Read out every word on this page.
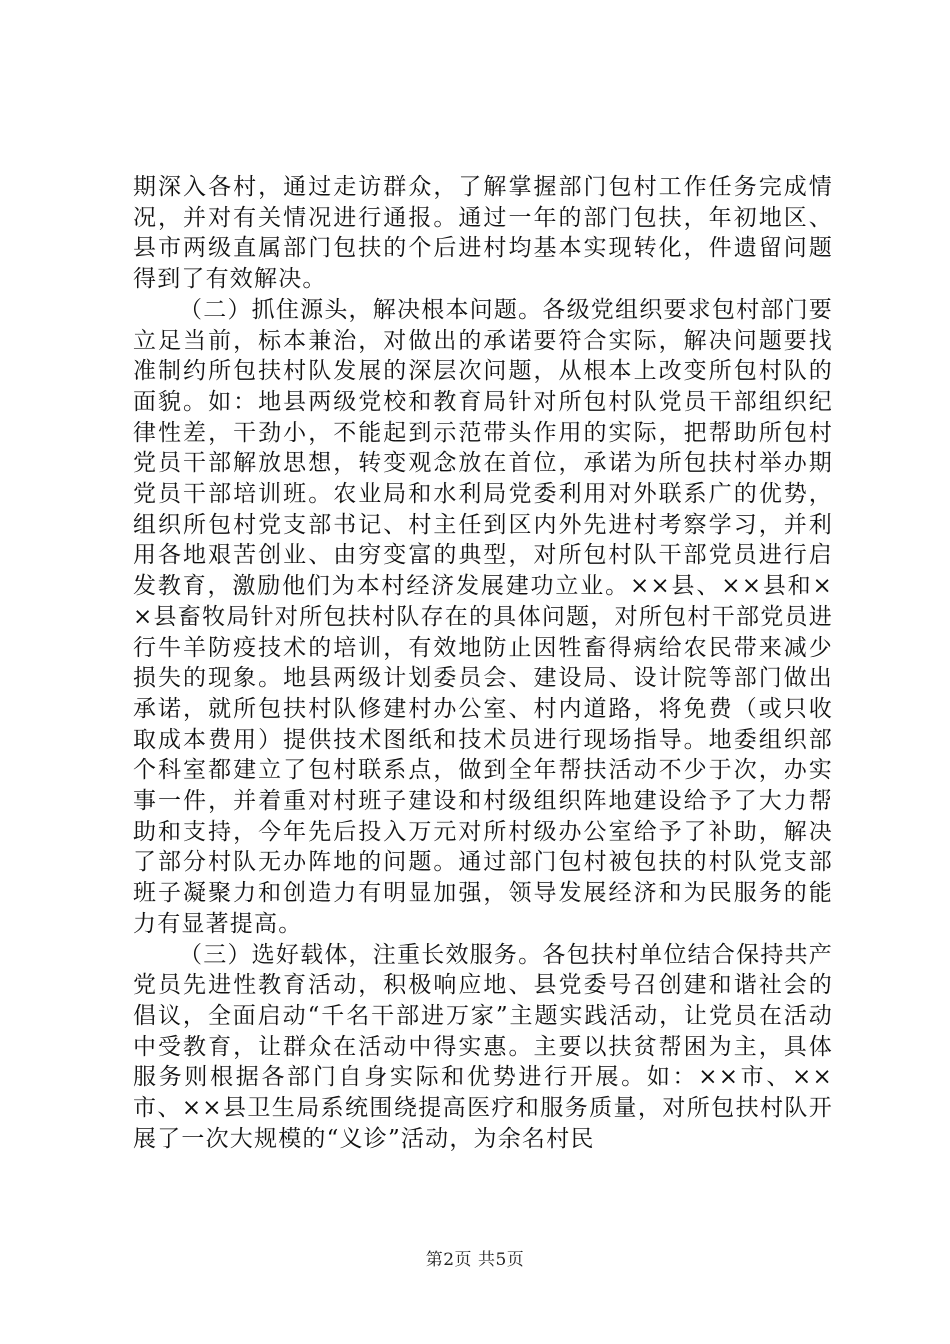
期深入各村，通过走访群众，了解掌握部门包村工作任务完成情况，并对有关情况进行通报。通过一年的部门包扶，年初地区、县市两级直属部门包扶的个后进村均基本实现转化，件遗留问题得到了有效解决。

（二）抓住源头，解决根本问题。各级党组织要求包村部门要立足当前，标本兼治，对做出的承诺要符合实际，解决问题要找准制约所包扶村队发展的深层次问题，从根本上改变所包村队的面貌。如：地县两级党校和教育局针对所包村队党员干部组织纪律性差，干劲小，不能起到示范带头作用的实际，把帮助所包村党员干部解放思想，转变观念放在首位，承诺为所包扶村举办期党员干部培训班。农业局和水利局党委利用对外联系广的优势，组织所包村党支部书记、村主任到区内外先进村考察学习，并利用各地艰苦创业、由穷变富的典型，对所包村队干部党员进行启发教育，激励他们为本村经济发展建功立业。××县、××县和××县畜牧局针对所包扶村队存在的具体问题，对所包村干部党员进行牛羊防疫技术的培训，有效地防止因牲畜得病给农民带来减少损失的现象。地县两级计划委员会、建设局、设计院等部门做出承诺，就所包扶村队修建村办公室、村内道路，将免费（或只收取成本费用）提供技术图纸和技术员进行现场指导。地委组织部个科室都建立了包村联系点，做到全年帮扶活动不少于次，办实事一件，并着重对村班子建设和村级组织阵地建设给予了大力帮助和支持，今年先后投入万元对所村级办公室给予了补助，解决了部分村队无办阵地的问题。通过部门包村被包扶的村队党支部班子凝聚力和创造力有明显加强，领导发展经济和为民服务的能力有显著提高。

（三）选好载体，注重长效服务。各包扶村单位结合保持共产党员先进性教育活动，积极响应地、县党委号召创建和谐社会的倡议，全面启动“千名干部进万家”主题实践活动，让党员在活动中受教育，让群众在活动中得实惠。主要以扶贫帮困为主，具体服务则根据各部门自身实际和优势进行开展。如：××市、××市、××县卫生局系统围绕提高医疗和服务质量，对所包扶村队开展了一次大规模的“义诊”活动，为余名村民

第2页 共5页
